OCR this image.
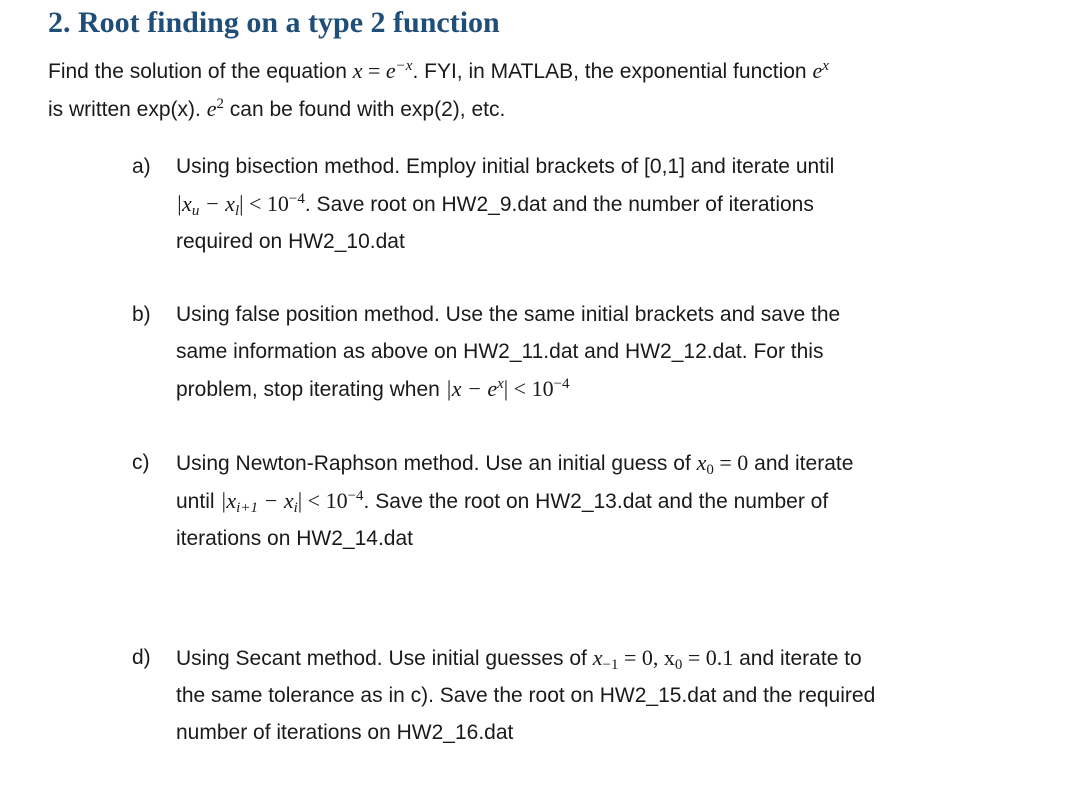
2. Root finding on a type 2 function
Find the solution of the equation $x = e^{-x}$. FYI, in MATLAB, the exponential function $e^x$
is written exp(x). $e^2$ can be found with exp(2), etc.
a) Using bisection method. Employ initial brackets of [0,1] and iterate until
$|x_u - x_l| < 10^{-4}$. Save root on HW2_9.dat and the number of iterations
required on HW2_10.dat
b) Using false position method. Use the same initial brackets and save the
same information as above on HW2_11.dat and HW2_12.dat. For this
problem, stop iterating when $|x - e^x| < 10^{-4}$
c) Using Newton-Raphson method. Use an initial guess of $x_0 = 0$ and iterate
until $|x_{i+1} - x_i| < 10^{-4}$. Save the root on HW2_13.dat and the number of
iterations on HW2_14.dat
d) Using Secant method. Use initial guesses of $x_{-1} = 0$, $x_0 = 0.1$ and iterate to
the same tolerance as in c). Save the root on HW2_15.dat and the required
number of iterations on HW2_16.dat
